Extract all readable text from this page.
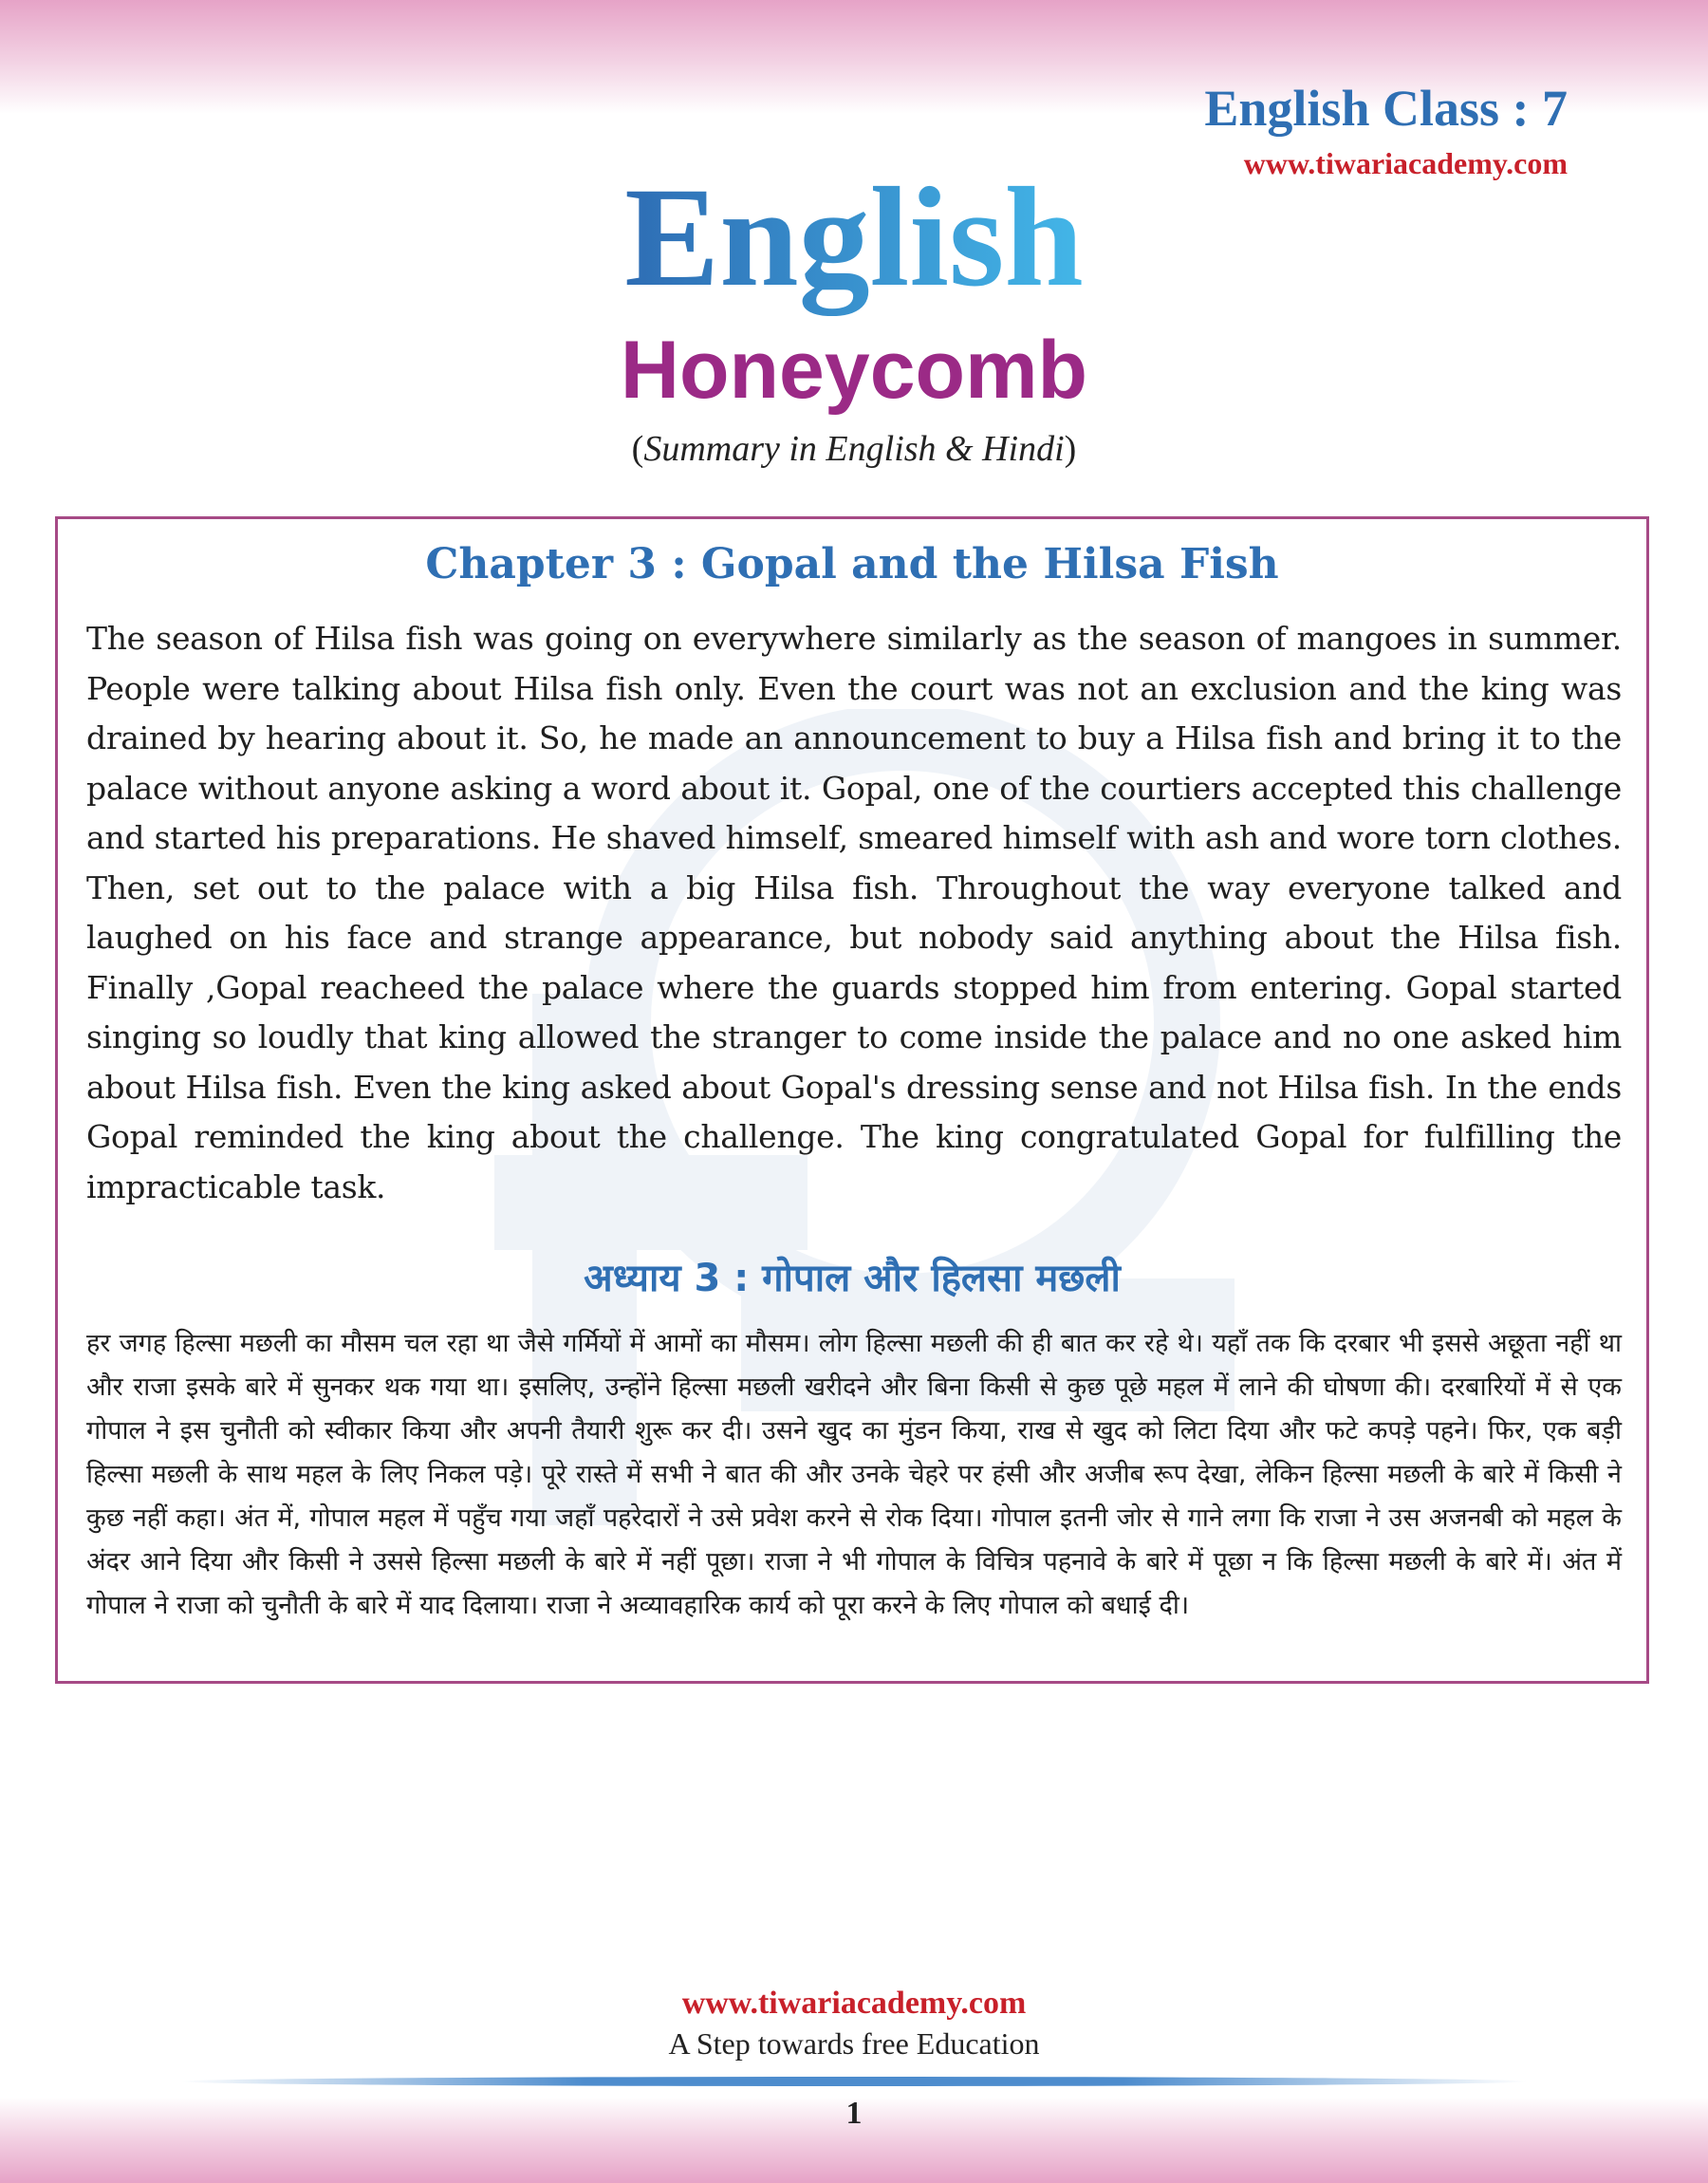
English Class : 7
www.tiwariacademy.com
English
Honeycomb
(Summary in English & Hindi)
Chapter 3 : Gopal and the Hilsa Fish
The season of Hilsa fish was going on everywhere similarly as the season of mangoes in summer. People were talking about Hilsa fish only. Even the court was not an exclusion and the king was drained by hearing about it. So, he made an announcement to buy a Hilsa fish and bring it to the palace without anyone asking a word about it. Gopal, one of the courtiers accepted this challenge and started his preparations. He shaved himself, smeared himself with ash and wore torn clothes. Then, set out to the palace with a big Hilsa fish. Throughout the way everyone talked and laughed on his face and strange appearance, but nobody said anything about the Hilsa fish. Finally ,Gopal reacheed the palace where the guards stopped him from entering. Gopal started singing so loudly that king allowed the stranger to come inside the palace and no one asked him about Hilsa fish. Even the king asked about Gopal's dressing sense and not Hilsa fish. In the ends Gopal reminded the king about the challenge. The king congratulated Gopal for fulfilling the impracticable task.
अध्याय 3 : गोपाल और हिलसा मछली
हर जगह हिल्सा मछली का मौसम चल रहा था जैसे गर्मियों में आमों का मौसम। लोग हिल्सा मछली की ही बात कर रहे थे। यहाँ तक कि दरबार भी इससे अछूता नहीं था और राजा इसके बारे में सुनकर थक गया था। इसलिए, उन्होंने हिल्सा मछली खरीदने और बिना किसी से कुछ पूछे महल में लाने की घोषणा की। दरबारियों में से एक गोपाल ने इस चुनौती को स्वीकार किया और अपनी तैयारी शुरू कर दी। उसने खुद का मुंडन किया, राख से खुद को लिटा दिया और फटे कपड़े पहने। फिर, एक बड़ी हिल्सा मछली के साथ महल के लिए निकल पड़े। पूरे रास्ते में सभी ने बात की और उनके चेहरे पर हंसी और अजीब रूप देखा, लेकिन हिल्सा मछली के बारे में किसी ने कुछ नहीं कहा। अंत में, गोपाल महल में पहुँच गया जहाँ पहरेदारों ने उसे प्रवेश करने से रोक दिया। गोपाल इतनी जोर से गाने लगा कि राजा ने उस अजनबी को महल के अंदर आने दिया और किसी ने उससे हिल्सा मछली के बारे में नहीं पूछा। राजा ने भी गोपाल के विचित्र पहनावे के बारे में पूछा न कि हिल्सा मछली के बारे में। अंत में गोपाल ने राजा को चुनौती के बारे में याद दिलाया। राजा ने अव्यावहारिक कार्य को पूरा करने के लिए गोपाल को बधाई दी।
www.tiwariacademy.com
A Step towards free Education
1
